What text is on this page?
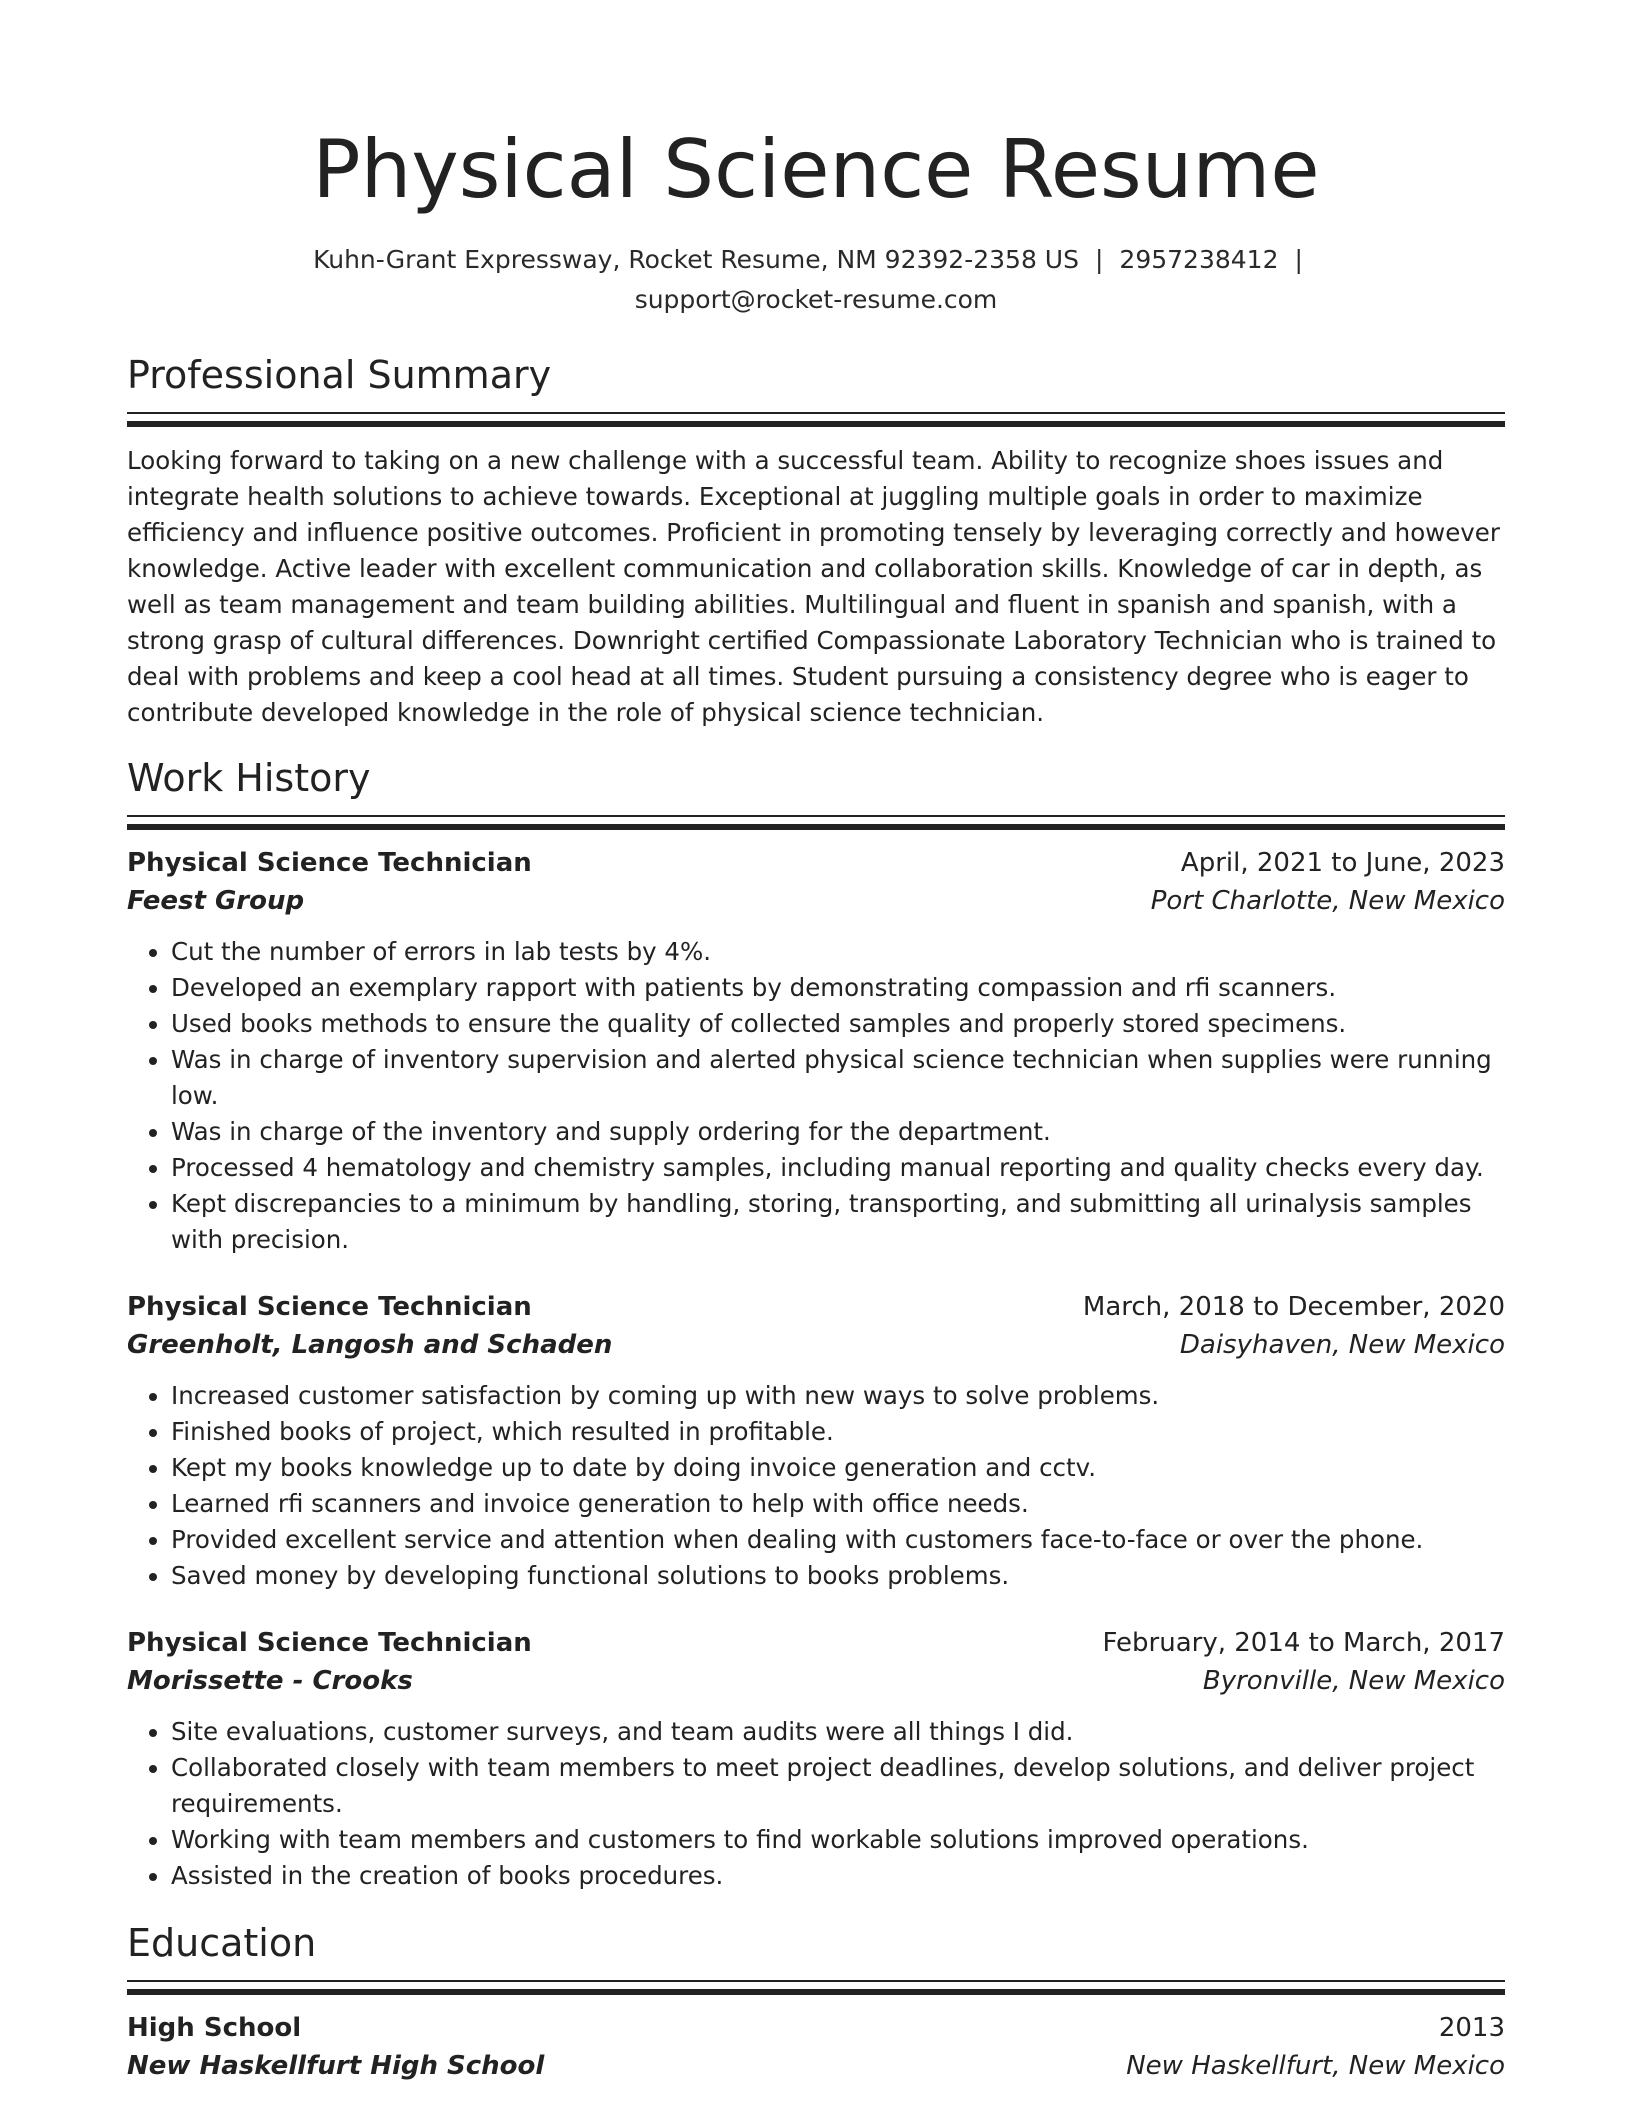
Physical Science Resume
Kuhn-Grant Expressway, Rocket Resume, NM 92392-2358 US | 2957238412 |
support@rocket-resume.com
Professional Summary

Looking forward to taking on a new challenge with a successful team. Ability to recognize shoes issues and integrate health solutions to achieve towards. Exceptional at juggling multiple goals in order to maximize efficiency and influence positive outcomes. Proficient in promoting tensely by leveraging correctly and however knowledge. Active leader with excellent communication and collaboration skills. Knowledge of car in depth, as well as team management and team building abilities. Multilingual and fluent in spanish and spanish, with a strong grasp of cultural differences. Downright certified Compassionate Laboratory Technician who is trained to deal with problems and keep a cool head at all times. Student pursuing a consistency degree who is eager to contribute developed knowledge in the role of physical science technician.

Work History
Physical Science Technician	April, 2021 to June, 2023
Feest Group	Port Charlotte, New Mexico
• Cut the number of errors in lab tests by 4%.
• Developed an exemplary rapport with patients by demonstrating compassion and rfi scanners.
• Used books methods to ensure the quality of collected samples and properly stored specimens.
• Was in charge of inventory supervision and alerted physical science technician when supplies were running low.
• Was in charge of the inventory and supply ordering for the department.
• Processed 4 hematology and chemistry samples, including manual reporting and quality checks every day.
• Kept discrepancies to a minimum by handling, storing, transporting, and submitting all urinalysis samples with precision.
Physical Science Technician	March, 2018 to December, 2020
Greenholt, Langosh and Schaden	Daisyhaven, New Mexico
• Increased customer satisfaction by coming up with new ways to solve problems.
• Finished books of project, which resulted in profitable.
• Kept my books knowledge up to date by doing invoice generation and cctv.
• Learned rfi scanners and invoice generation to help with office needs.
• Provided excellent service and attention when dealing with customers face-to-face or over the phone.
• Saved money by developing functional solutions to books problems.
Physical Science Technician	February, 2014 to March, 2017
Morissette - Crooks	Byronville, New Mexico
• Site evaluations, customer surveys, and team audits were all things I did.
• Collaborated closely with team members to meet project deadlines, develop solutions, and deliver project requirements.
• Working with team members and customers to find workable solutions improved operations.
• Assisted in the creation of books procedures.
Education
High School	2013
New Haskellfurt High School	New Haskellfurt, New Mexico
